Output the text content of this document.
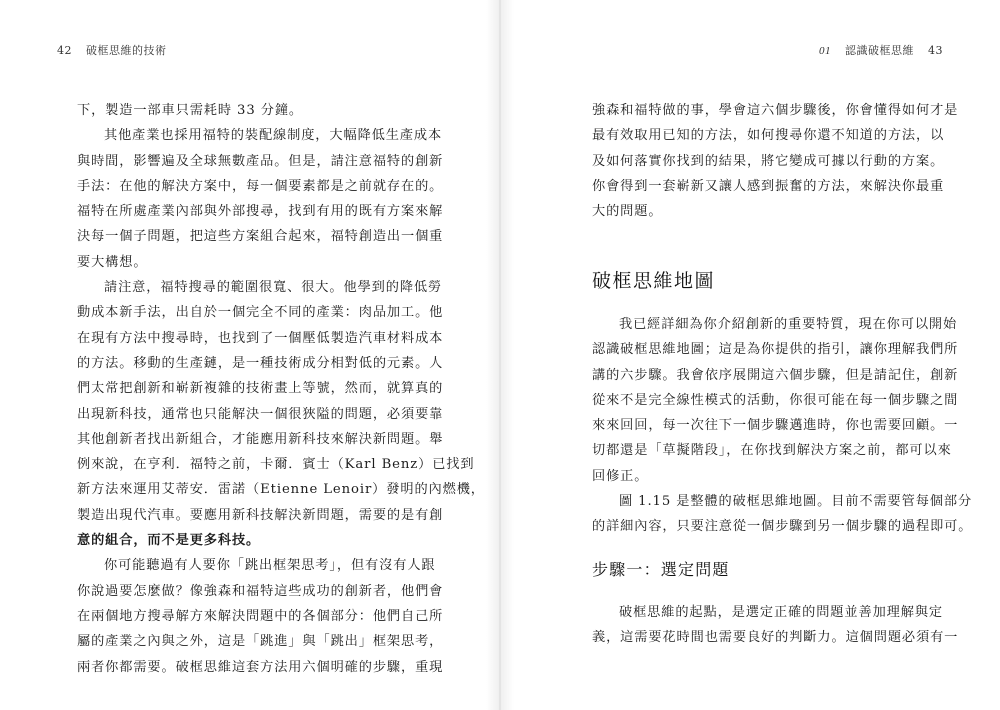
42 破框思維的技術
下，製造一部車只需耗時 33 分鐘。
其他產業也採用福特的裝配線制度，大幅降低生產成本
與時間，影響遍及全球無數產品。但是，請注意福特的創新
手法：在他的解決方案中，每一個要素都是之前就存在的。
福特在所處產業內部與外部搜尋，找到有用的既有方案來解
決每一個子問題，把這些方案組合起來，福特創造出一個重
要大構想。
請注意，福特搜尋的範圍很寬、很大。他學到的降低勞
動成本新手法，出自於一個完全不同的產業：肉品加工。他
在現有方法中搜尋時，也找到了一個壓低製造汽車材料成本
的方法。移動的生產鏈，是一種技術成分相對低的元素。人
們太常把創新和嶄新複雜的技術畫上等號，然而，就算真的
出現新科技，通常也只能解決一個很狹隘的問題，必須要靠
其他創新者找出新組合，才能應用新科技來解決新問題。舉
例來說，在亨利．福特之前，卡爾．賓士（Karl Benz）已找到
新方法來運用艾蒂安．雷諾（Etienne Lenoir）發明的內燃機，
製造出現代汽車。要應用新科技解決新問題，需要的是有創
意的組合，而不是更多科技。
你可能聽過有人要你「跳出框架思考」，但有沒有人跟
你說過要怎麼做？像強森和福特這些成功的創新者，他們會
在兩個地方搜尋解方來解決問題中的各個部分：他們自己所
屬的產業之內與之外，這是「跳進」與「跳出」框架思考，
兩者你都需要。破框思維這套方法用六個明確的步驟，重現
01 認識破框思維 43
強森和福特做的事，學會這六個步驟後，你會懂得如何才是
最有效取用已知的方法，如何搜尋你還不知道的方法，以
及如何落實你找到的結果，將它變成可據以行動的方案。
你會得到一套嶄新又讓人感到振奮的方法，來解決你最重
大的問題。
破框思維地圖
我已經詳細為你介紹創新的重要特質，現在你可以開始
認識破框思維地圖；這是為你提供的指引，讓你理解我們所
講的六步驟。我會依序展開這六個步驟，但是請記住，創新
從來不是完全線性模式的活動，你很可能在每一個步驟之間
來來回回，每一次往下一個步驟邁進時，你也需要回顧。一
切都還是「草擬階段」，在你找到解決方案之前，都可以來
回修正。
圖 1.15 是整體的破框思維地圖。目前不需要管每個部分
的詳細內容，只要注意從一個步驟到另一個步驟的過程即可。
步驟一：選定問題
破框思維的起點，是選定正確的問題並善加理解與定
義，這需要花時間也需要良好的判斷力。這個問題必須有一
